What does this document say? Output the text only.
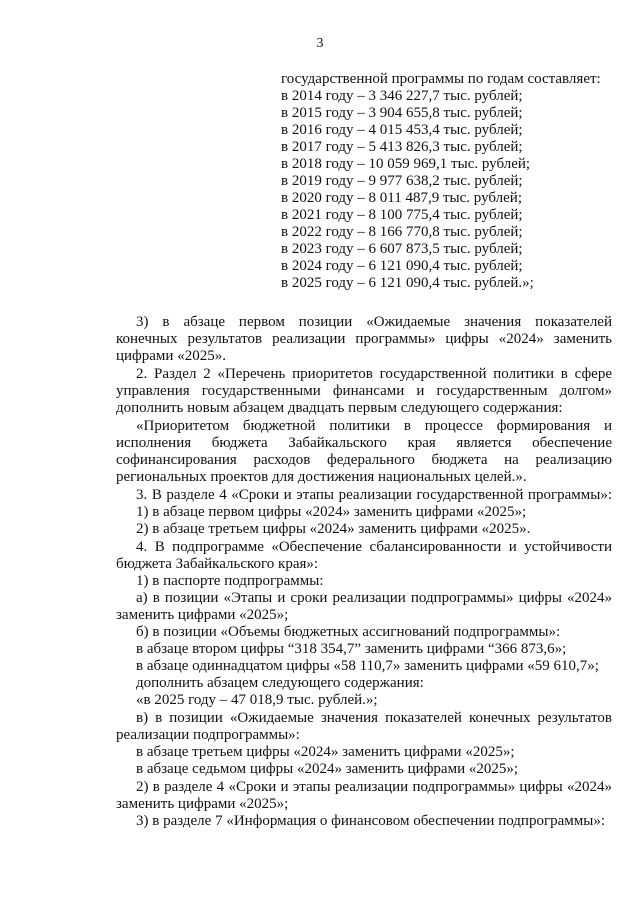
3
государственной программы по годам составляет:
в 2014 году – 3 346 227,7 тыс. рублей;
в 2015 году – 3 904 655,8 тыс. рублей;
в 2016 году – 4 015 453,4 тыс. рублей;
в 2017 году – 5 413 826,3 тыс. рублей;
в 2018 году – 10 059 969,1 тыс. рублей;
в 2019 году – 9 977 638,2 тыс. рублей;
в 2020 году – 8 011 487,9 тыс. рублей;
в 2021 году – 8 100 775,4 тыс. рублей;
в 2022 году – 8 166 770,8 тыс. рублей;
в 2023 году – 6 607 873,5 тыс. рублей;
в 2024 году – 6 121 090,4 тыс. рублей;
в 2025 году – 6 121 090,4 тыс. рублей.»;
3) в абзаце первом позиции «Ожидаемые значения показателей
конечных результатов реализации программы» цифры «2024» заменить
цифрами «2025».
2. Раздел 2 «Перечень приоритетов государственной политики в сфере
управления государственными финансами и государственным долгом»
дополнить новым абзацем двадцать первым следующего содержания:
«Приоритетом бюджетной политики в процессе формирования и
исполнения бюджета Забайкальского края является обеспечение
софинансирования расходов федерального бюджета на реализацию
региональных проектов для достижения национальных целей.».
3. В разделе 4 «Сроки и этапы реализации государственной программы»:
1) в абзаце первом цифры «2024» заменить цифрами «2025»;
2) в абзаце третьем цифры «2024» заменить цифрами «2025».
4. В подпрограмме «Обеспечение сбалансированности и устойчивости
бюджета Забайкальского края»:
1) в паспорте подпрограммы:
а) в позиции «Этапы и сроки реализации подпрограммы» цифры «2024»
заменить цифрами «2025»;
б) в позиции «Объемы бюджетных ассигнований подпрограммы»:
в абзаце втором цифры “318 354,7” заменить цифрами “366 873,6»;
в абзаце одиннадцатом цифры «58 110,7» заменить цифрами «59 610,7»;
дополнить абзацем следующего содержания:
«в 2025 году – 47 018,9 тыс. рублей.»;
в) в позиции «Ожидаемые значения показателей конечных результатов
реализации подпрограммы»:
в абзаце третьем цифры «2024» заменить цифрами «2025»;
в абзаце седьмом цифры «2024» заменить цифрами «2025»;
2) в разделе 4 «Сроки и этапы реализации подпрограммы» цифры «2024»
заменить цифрами «2025»;
3) в разделе 7 «Информация о финансовом обеспечении подпрограммы»:
